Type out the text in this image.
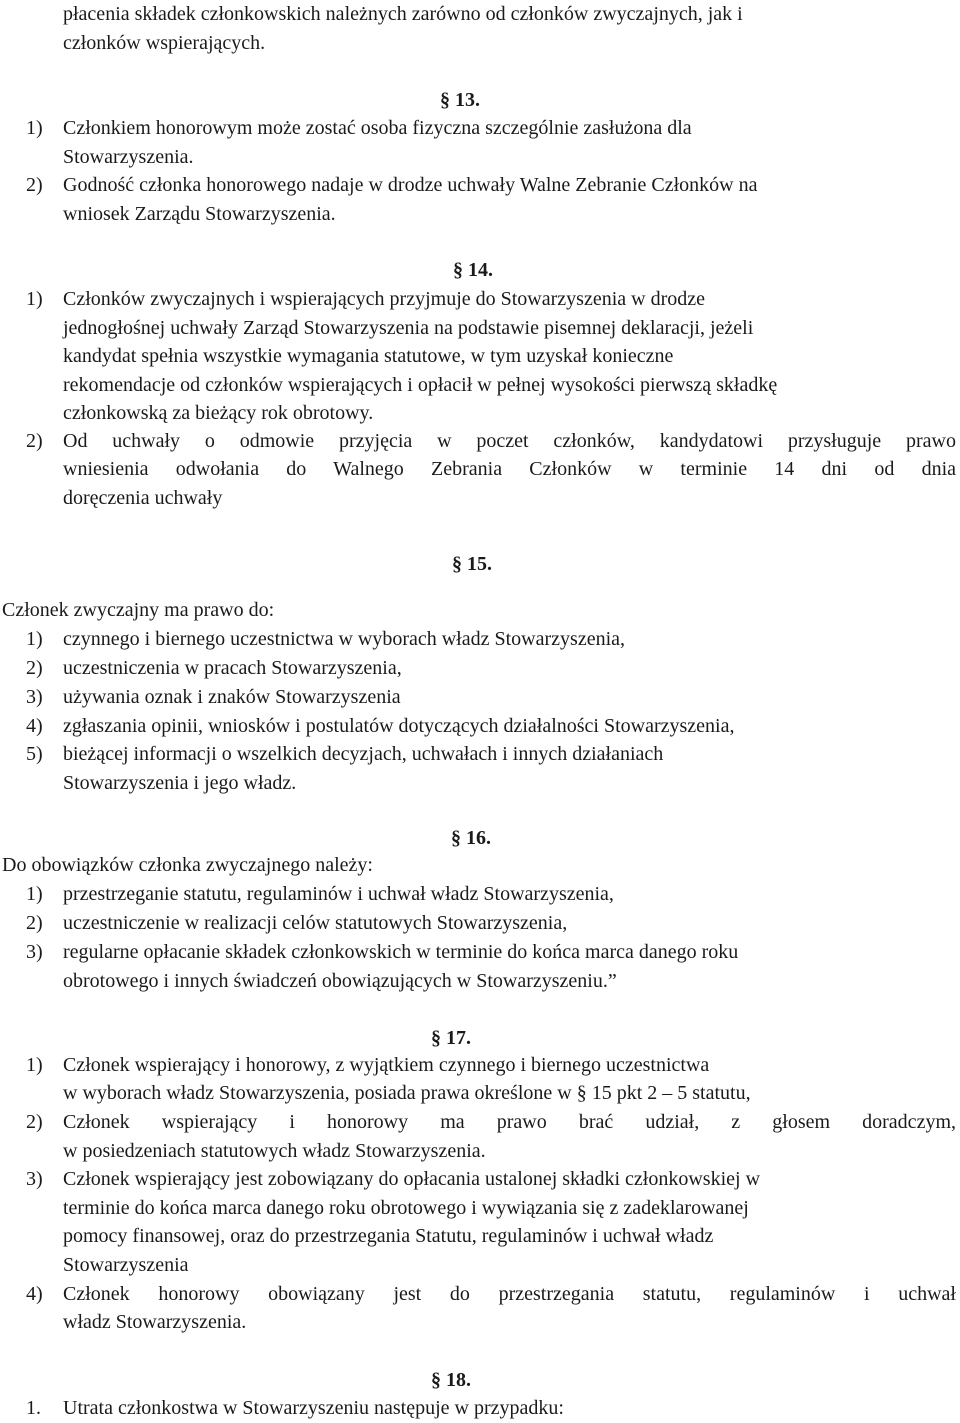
płacenia składek członkowskich należnych zarówno od członków zwyczajnych, jak i
członków wspierających.
§ 13.
1) Członkiem honorowym może zostać osoba fizyczna szczególnie zasłużona dla
Stowarzyszenia.
2) Godność członka honorowego nadaje w drodze uchwały Walne Zebranie Członków na
wniosek Zarządu Stowarzyszenia.
§ 14.
1) Członków zwyczajnych i wspierających przyjmuje do Stowarzyszenia w drodze
jednogłośnej uchwały Zarząd Stowarzyszenia na podstawie pisemnej deklaracji, jeżeli
kandydat spełnia wszystkie wymagania statutowe, w tym uzyskał konieczne
rekomendacje od członków wspierających i opłacił w pełnej wysokości pierwszą składkę
członkowską za bieżący rok obrotowy.
2) Od uchwały o odmowie przyjęcia w poczet członków, kandydatowi przysługuje prawo
wniesienia odwołania do Walnego Zebrania Członków w terminie 14 dni od dnia
doręczenia uchwały
§ 15.
Członek zwyczajny ma prawo do:
1) czynnego i biernego uczestnictwa w wyborach władz Stowarzyszenia,
2) uczestniczenia w pracach Stowarzyszenia,
3) używania oznak i znaków Stowarzyszenia
4) zgłaszania opinii, wniosków i postulatów dotyczących działalności Stowarzyszenia,
5) bieżącej informacji o wszelkich decyzjach, uchwałach i innych działaniach
Stowarzyszenia i jego władz.
§ 16.
Do obowiązków członka zwyczajnego należy:
1) przestrzeganie statutu, regulaminów i uchwał władz Stowarzyszenia,
2) uczestniczenie w realizacji celów statutowych Stowarzyszenia,
3) regularne opłacanie składek członkowskich w terminie do końca marca danego roku
obrotowego i innych świadczeń obowiązujących w Stowarzyszeniu.”
§ 17.
1) Członek wspierający i honorowy, z wyjątkiem czynnego i biernego uczestnictwa
w wyborach władz Stowarzyszenia, posiada prawa określone w § 15 pkt 2 – 5 statutu,
2) Członek wspierający i honorowy ma prawo brać udział, z głosem doradczym,
w posiedzeniach statutowych władz Stowarzyszenia.
3) Członek wspierający jest zobowiązany do opłacania ustalonej składki członkowskiej w
terminie do końca marca danego roku obrotowego i wywiązania się z zadeklarowanej
pomocy finansowej, oraz do przestrzegania Statutu, regulaminów i uchwał władz
Stowarzyszenia
4) Członek honorowy obowiązany jest do przestrzegania statutu, regulaminów i uchwał
władz Stowarzyszenia.
§ 18.
1. Utrata członkostwa w Stowarzyszeniu następuje w przypadku:
